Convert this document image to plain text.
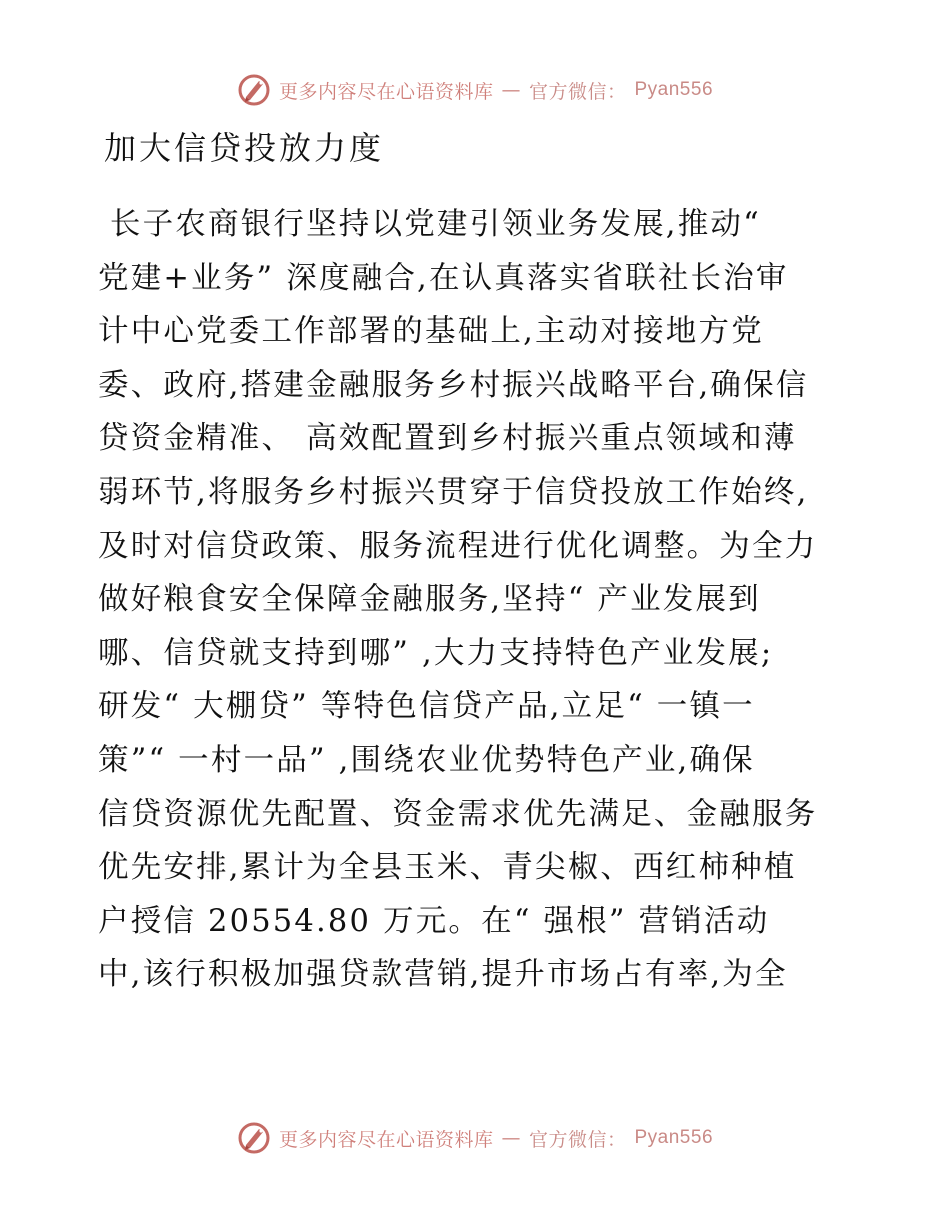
更多内容尽在心语资料库 — 官方微信： Pyan556
加大信贷投放力度
长子农商银行坚持以党建引领业务发展,推动“
党建+业务” 深度融合,在认真落实省联社长治审
计中心党委工作部署的基础上,主动对接地方党
委、政府,搭建金融服务乡村振兴战略平台,确保信
贷资金精准、 高效配置到乡村振兴重点领域和薄
弱环节,将服务乡村振兴贯穿于信贷投放工作始终,
及时对信贷政策、服务流程进行优化调整。为全力
做好粮食安全保障金融服务,坚持“ 产业发展到
哪、信贷就支持到哪” ,大力支持特色产业发展;
研发“ 大棚贷” 等特色信贷产品,立足“ 一镇一
策”“ 一村一品” ,围绕农业优势特色产业,确保
信贷资源优先配置、资金需求优先满足、金融服务
优先安排,累计为全县玉米、青尖椒、西红柿种植
户授信 20554.80 万元。在“ 强根” 营销活动
中,该行积极加强贷款营销,提升市场占有率,为全
更多内容尽在心语资料库 — 官方微信： Pyan556
